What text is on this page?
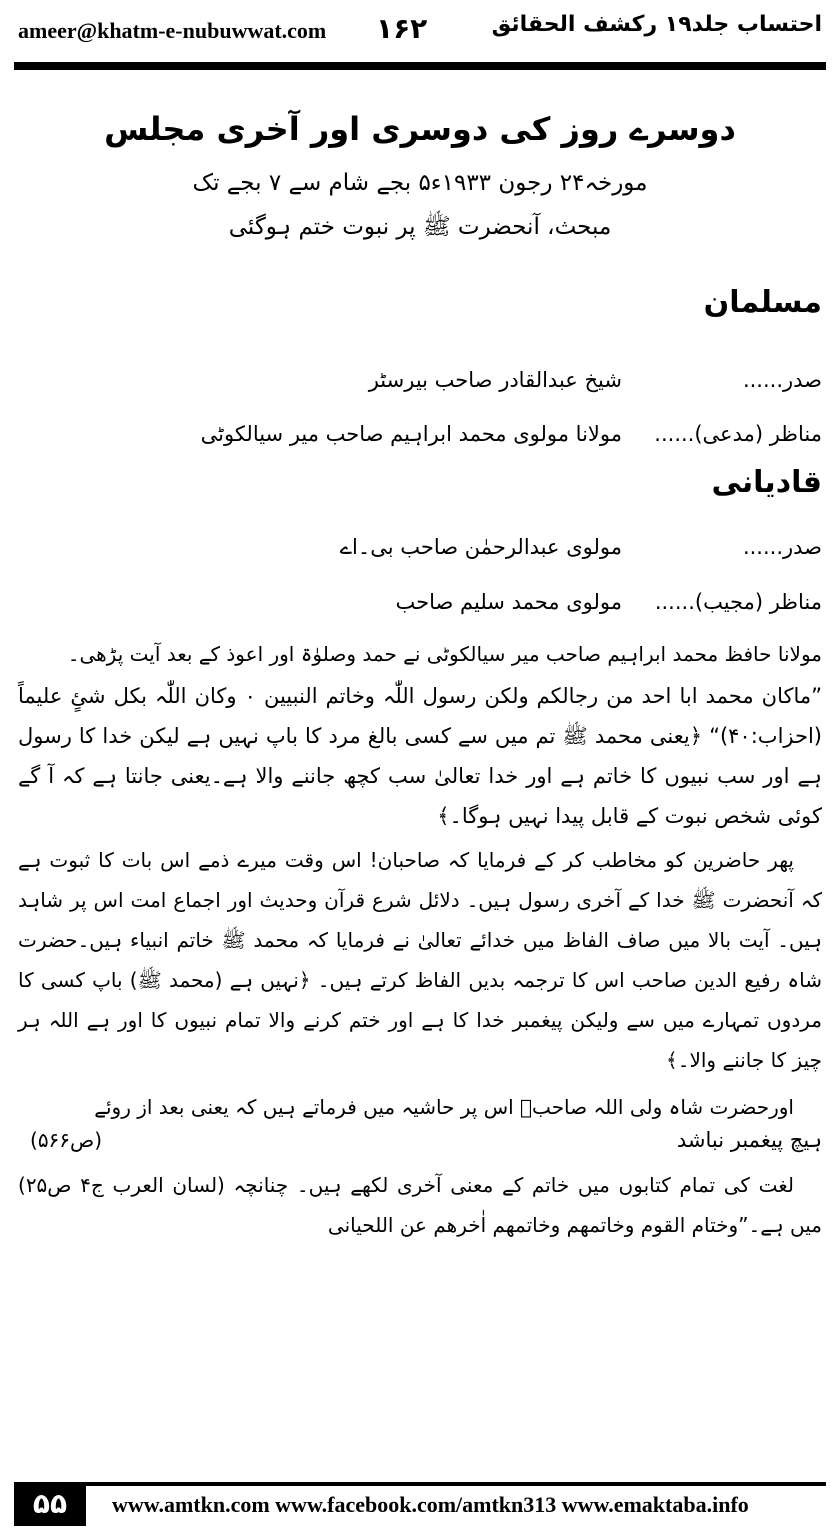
ameer@khatm-e-nubuwwat.com ۱۶۲	احتساب جلد۱۹ رکشف الحقائق
دوسرے روز کی دوسری اور آخری مجلس
مورخہ۲۴ رجون ۱۹۳۳ء۵ بجے شام سے ۷ بجے تک
مبحث، آنحضرت ﷺ پر نبوت ختم ہوگئی
مسلمان
صدر......
شیخ عبدالقادر صاحب بیرسٹر
مناظر (مدعی)......
مولانا مولوی محمد ابراہیم صاحب میر سیالکوٹی
قادیانی
صدر......
مولوی عبدالرحمٰن صاحب بی۔اے
مناظر (مجیب)......
مولوی محمد سلیم صاحب
مولانا حافظ محمد ابراہیم صاحب میر سیالکوٹی نے حمد وصلوٰۃ اور اعوذ کے بعد آیت پڑھی۔
”ماکان محمد ابا احد من رجالکم ولکن رسول اللّٰہ وخاتم النبیین ٠ وکان اللّٰہ بکل شئٍ علیماً (احزاب:۴۰)“ ﴿یعنی محمد ﷺ تم میں سے کسی بالغ مرد کا باپ نہیں ہے لیکن خدا کا رسول ہے اور سب نبیوں کا خاتم ہے اور خدا تعالیٰ سب کچھ جاننے والا ہے۔یعنی جانتا ہے کہ آ گے کوئی شخص نبوت کے قابل پیدا نہیں ہوگا۔﴾
پھر حاضرین کو مخاطب کر کے فرمایا کہ صاحبان! اس وقت میرے ذمے اس بات کا ثبوت ہے کہ آنحضرت ﷺ خدا کے آخری رسول ہیں۔ دلائل شرع قرآن وحدیث اور اجماع امت اس پر شاہد ہیں۔ آیت بالا میں صاف الفاظ میں خدائے تعالیٰ نے فرمایا کہ محمد ﷺ خاتم انبیاء ہیں۔حضرت شاہ رفیع الدین صاحب اس کا ترجمہ بدیں الفاظ کرتے ہیں۔ ﴿نہیں ہے (محمد ﷺ) باپ کسی کا مردوں تمہارے میں سے ولیکن پیغمبر خدا کا ہے اور ختم کرنے والا تمام نبیوں کا اور ہے اللہ ہر چیز کا جاننے والا۔﴾
اورحضرت شاہ ولی اللہ صاحبؒ اس پر حاشیہ میں فرماتے ہیں کہ یعنی بعد از روئے
ہیچ پیغمبر نباشد
(ص۵۶۶)
لغت کی تمام کتابوں میں خاتم کے معنی آخری لکھے ہیں۔ چنانچہ (لسان العرب ج۴ ص۲۵) میں ہے۔”وختام القوم وخاتمھم وخاتمھم اٰخرھم عن اللحیانی
۵۵	www.amtkn.com www.facebook.com/amtkn313 www.emaktaba.info
